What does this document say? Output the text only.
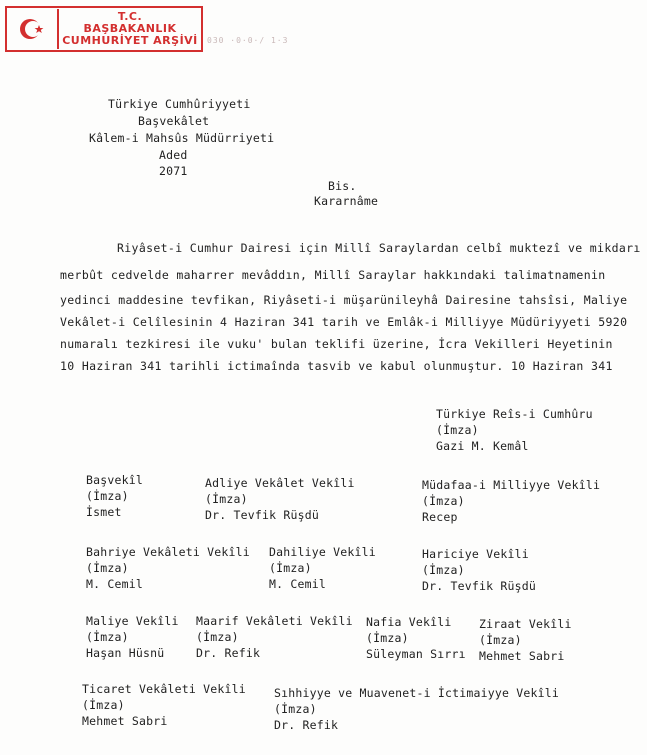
T.C.
BAŞBAKANLIK
CUMHURİYET ARŞİVİ	030 ·0·0·/ 1·3
Türkiye Cumhûriyyeti
Başvekâlet
Kâlem-i Mahsûs Müdürriyeti
Aded
2071
Bis.
Kararnâme
Riyâset-i Cumhur Dairesi için Millî Saraylardan celbî muktezî ve mikdarı
merbût cedvelde maharrer mevâddın, Millî Saraylar hakkındaki talimatnamenin
yedinci maddesine tevfikan, Riyâseti-i müşarünileyhâ Dairesine tahsîsi, Maliye
Vekâlet-i Celîlesinin 4 Haziran 341 tarih ve Emlâk-i Milliyye Müdüriyyeti 5920
numaralı tezkiresi ile vuku' bulan teklifi üzerine, İcra Vekilleri Heyetinin
10 Haziran 341 tarihli ictimaînda tasvib ve kabul olunmuştur. 10 Haziran 341
Türkiye Reîs-i Cumhûru
(İmza)
Gazi M. Kemâl
Başvekîl
(İmza)
İsmet
Adliye Vekâlet Vekîli
(İmza)
Dr. Tevfik Rüşdü
Müdafaa-i Milliyye Vekîli
(İmza)
Recep
Bahriye Vekâleti Vekîli
(İmza)
M. Cemil
Dahiliye Vekîli
(İmza)
M. Cemil
Hariciye Vekîli
(İmza)
Dr. Tevfik Rüşdü
Maliye Vekîli
(İmza)
Haşan Hüsnü
Maarif Vekâleti Vekîli
(İmza)
Dr. Refik
Nafia Vekîli
(İmza)
Süleyman Sırrı
Ziraat Vekîli
(İmza)
Mehmet Sabri
Ticaret Vekâleti Vekîli
(İmza)
Mehmet Sabri
Sıhhiyye ve Muavenet-i İctimaiyye Vekîli
(İmza)
Dr. Refik
